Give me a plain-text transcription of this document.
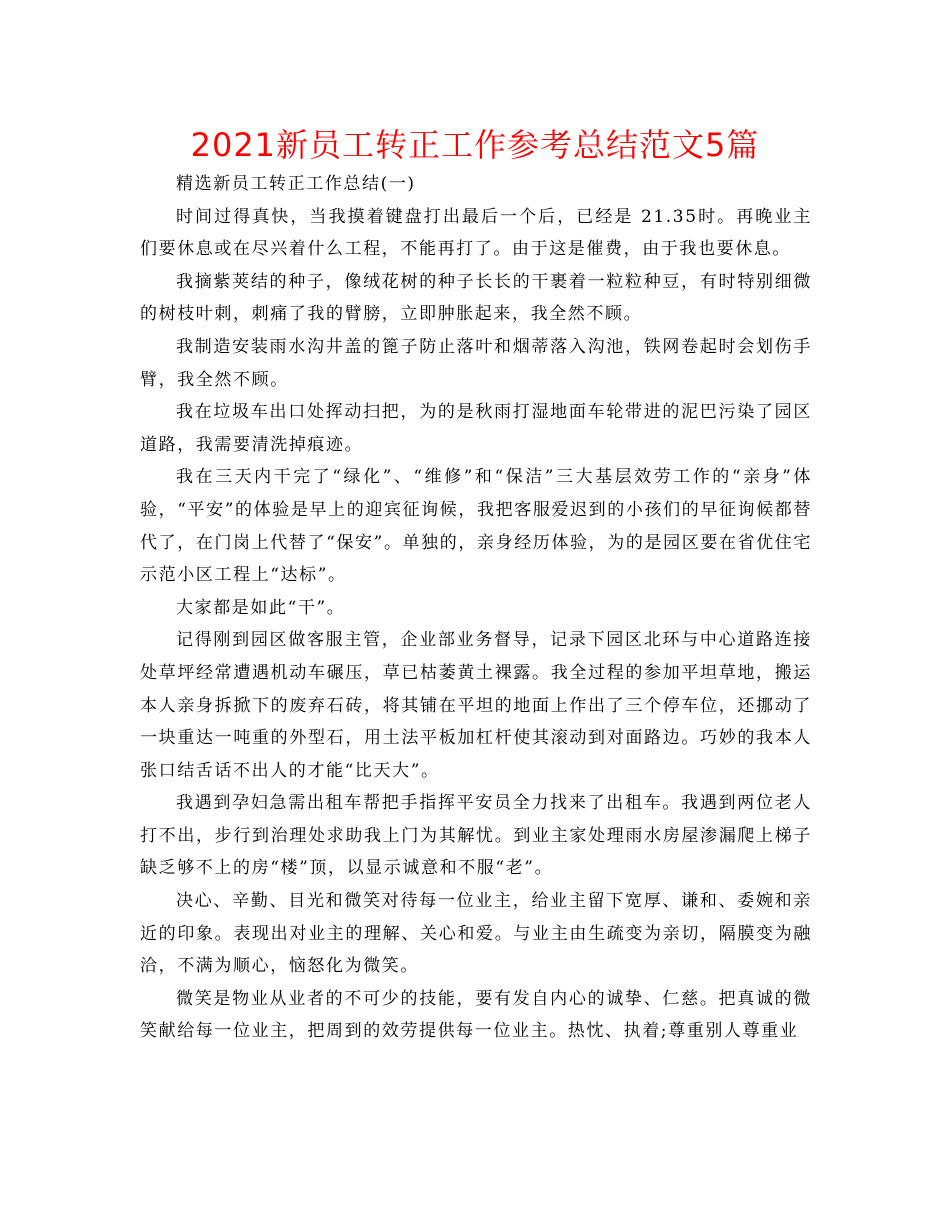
2021新员工转正工作参考总结范文5篇

精选新员工转正工作总结(一)

时间过得真快，当我摸着键盘打出最后一个后，已经是 21.35时。再晚业主们要休息或在尽兴着什么工程，不能再打了。由于这是催费，由于我也要休息。

我摘紫荚结的种子，像绒花树的种子长长的干裹着一粒粒种豆，有时特别细微的树枝叶刺，刺痛了我的臂膀，立即肿胀起来，我全然不顾。

我制造安装雨水沟井盖的篦子防止落叶和烟蒂落入沟池，铁网卷起时会划伤手臂，我全然不顾。

我在垃圾车出口处挥动扫把，为的是秋雨打湿地面车轮带进的泥巴污染了园区道路，我需要清洗掉痕迹。

我在三天内干完了“绿化”、“维修”和“保洁”三大基层效劳工作的“亲身”体验，“平安”的体验是早上的迎宾征询候，我把客服爱迟到的小孩们的早征询候都替代了，在门岗上代替了“保安”。单独的，亲身经历体验，为的是园区要在省优住宅示范小区工程上“达标”。

大家都是如此“干”。

记得刚到园区做客服主管，企业部业务督导，记录下园区北环与中心道路连接处草坪经常遭遇机动车碾压，草已枯萎黄土裸露。我全过程的参加平坦草地，搬运本人亲身拆掀下的废弃石砖，将其铺在平坦的地面上作出了三个停车位，还挪动了一块重达一吨重的外型石，用土法平板加杠杆使其滚动到对面路边。巧妙的我本人张口结舌话不出人的才能“比天大”。

我遇到孕妇急需出租车帮把手指挥平安员全力找来了出租车。我遇到两位老人打不出，步行到治理处求助我上门为其解忧。到业主家处理雨水房屋渗漏爬上梯子缺乏够不上的房“楼”顶，以显示诚意和不服“老”。

决心、辛勤、目光和微笑对待每一位业主，给业主留下宽厚、谦和、委婉和亲近的印象。表现出对业主的理解、关心和爱。与业主由生疏变为亲切，隔膜变为融洽，不满为顺心，恼怒化为微笑。

微笑是物业从业者的不可少的技能，要有发自内心的诚挚、仁慈。把真诚的微笑献给每一位业主，把周到的效劳提供每一位业主。热忱、执着;尊重别人尊重业
